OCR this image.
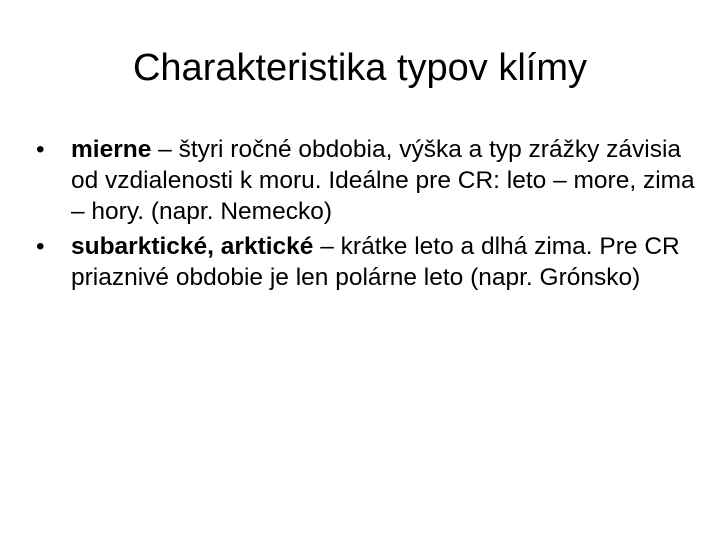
Charakteristika typov klímy
•	mierne – štyri ročné obdobia, výška a typ zrážky závisia od vzdialenosti k moru. Ideálne pre CR: leto – more, zima – hory. (napr. Nemecko)
•	subarktické, arktické – krátke leto a dlhá zima. Pre CR priaznivé obdobie je len polárne leto (napr. Grónsko)
